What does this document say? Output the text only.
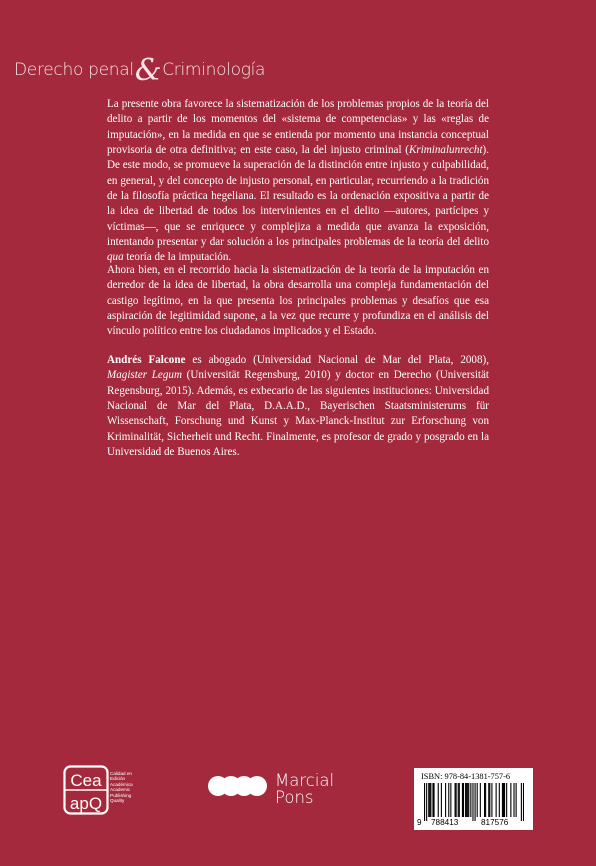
Derecho penal&Criminología

La presente obra favorece la sistematización de los problemas propios de la teoría del delito a partir de los momentos del «sistema de competencias» y las «reglas de imputación», en la medida en que se entienda por momento una instancia conceptual provisoria de otra definitiva; en este caso, la del injusto criminal (Kriminalunrecht). De este modo, se promueve la superación de la distinción entre injusto y culpabilidad, en general, y del concepto de injusto personal, en particular, recurriendo a la tradición de la filosofía práctica hegeliana. El resultado es la ordenación expositiva a partir de la idea de libertad de todos los intervinientes en el delito —autores, partícipes y víctimas—, que se enriquece y complejiza a medida que avanza la exposición, intentando presentar y dar solución a los principales problemas de la teoría del delito qua teoría de la imputación.

Ahora bien, en el recorrido hacia la sistematización de la teoría de la imputación en derredor de la idea de libertad, la obra desarrolla una compleja fundamentación del castigo legítimo, en la que presenta los principales problemas y desafíos que esa aspiración de legitimidad supone, a la vez que recurre y profundiza en el análisis del vínculo político entre los ciudadanos implicados y el Estado.

Andrés Falcone es abogado (Universidad Nacional de Mar del Plata, 2008), Magister Legum (Universität Regensburg, 2010) y doctor en Derecho (Universität Regensburg, 2015). Además, es exbecario de las siguientes instituciones: Universidad Nacional de Mar del Plata, D.A.A.D., Bayerischen Staatsministerums für Wissenschaft, Forschung und Kunst y Max-Planck-Institut zur Erforschung von Kriminalität, Sicherheit und Recht. Finalmente, es profesor de grado y posgrado en la Universidad de Buenos Aires.

Cea
apQ
Calidad en
Edición
Académica
Academic
Publishing
Quality
Marcial
Pons
ISBN: 978-84-1381-757-6
9 788413	817576
